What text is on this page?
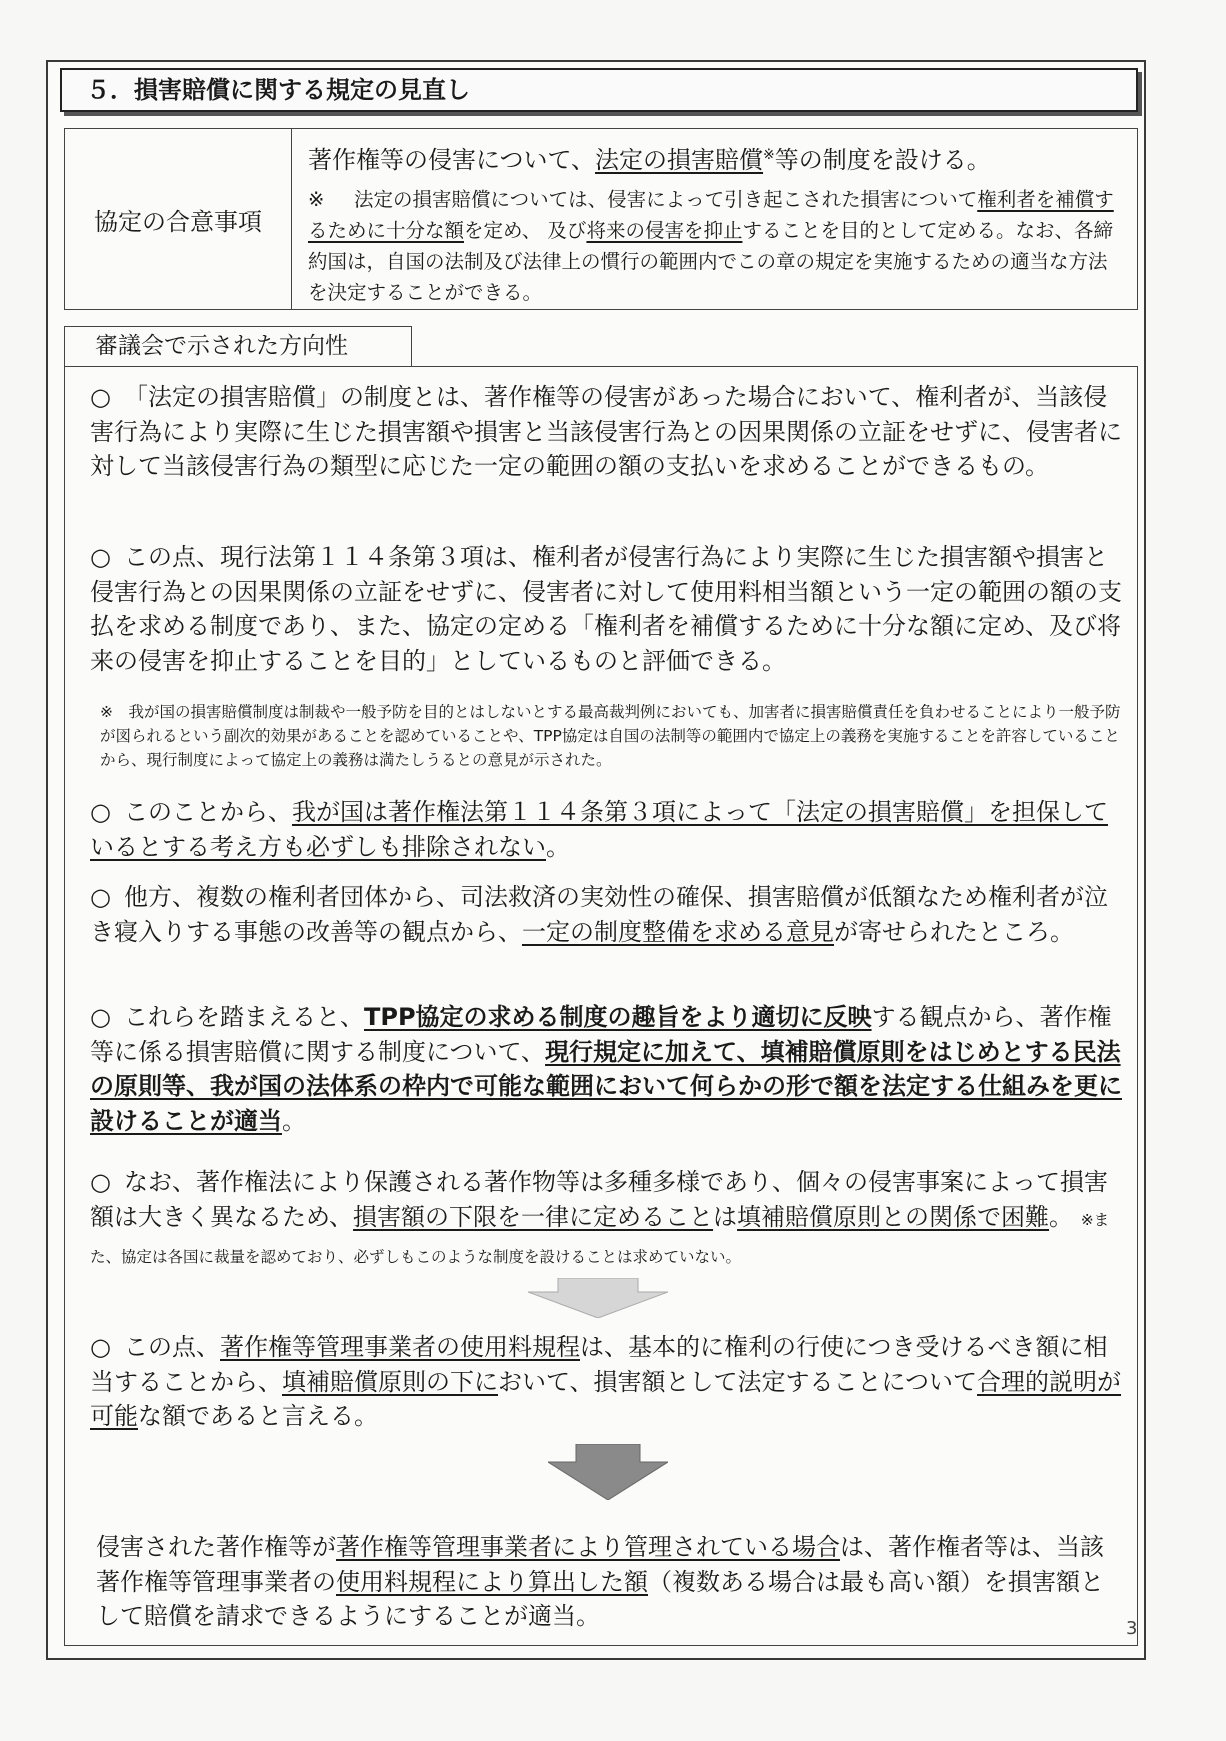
５．損害賠償に関する規定の見直し
協定の合意事項
著作権等の侵害について、法定の損害賠償※等の制度を設ける。
※ 法定の損害賠償については、侵害によって引き起こされた損害について権利者を補償するために十分な額を定め、 及び将来の侵害を抑止することを目的として定める。なお、各締約国は，自国の法制及び法律上の慣行の範囲内でこの章の規定を実施するための適当な方法を決定することができる。
審議会で示された方向性
○ 「法定の損害賠償」の制度とは、著作権等の侵害があった場合において、権利者が、当該侵害行為により実際に生じた損害額や損害と当該侵害行為との因果関係の立証をせずに、侵害者に対して当該侵害行為の類型に応じた一定の範囲の額の支払いを求めることができるもの。
○ この点、現行法第１１４条第３項は、権利者が侵害行為により実際に生じた損害額や損害と侵害行為との因果関係の立証をせずに、侵害者に対して使用料相当額という一定の範囲の額の支払を求める制度であり、また、協定の定める「権利者を補償するために十分な額に定め、及び将来の侵害を抑止することを目的」としているものと評価できる。
※　我が国の損害賠償制度は制裁や一般予防を目的とはしないとする最高裁判例においても、加害者に損害賠償責任を負わせることにより一般予防が図られるという副次的効果があることを認めていることや、TPP協定は自国の法制等の範囲内で協定上の義務を実施することを許容していることから、現行制度によって協定上の義務は満たしうるとの意見が示された。
○ このことから、我が国は著作権法第１１４条第３項によって「法定の損害賠償」を担保しているとする考え方も必ずしも排除されない。
○ 他方、複数の権利者団体から、司法救済の実効性の確保、損害賠償が低額なため権利者が泣き寝入りする事態の改善等の観点から、一定の制度整備を求める意見が寄せられたところ。
○ これらを踏まえると、TPP協定の求める制度の趣旨をより適切に反映する観点から、著作権等に係る損害賠償に関する制度について、現行規定に加えて、填補賠償原則をはじめとする民法の原則等、我が国の法体系の枠内で可能な範囲において何らかの形で額を法定する仕組みを更に設けることが適当。
○ なお、著作権法により保護される著作物等は多種多様であり、個々の侵害事案によって損害額は大きく異なるため、損害額の下限を一律に定めることは填補賠償原則との関係で困難。 ※また、協定は各国に裁量を認めており、必ずしもこのような制度を設けることは求めていない。
○ この点、著作権等管理事業者の使用料規程は、基本的に権利の行使につき受けるべき額に相当することから、填補賠償原則の下において、損害額として法定することについて合理的説明が可能な額であると言える。
侵害された著作権等が著作権等管理事業者により管理されている場合は、著作権者等は、当該著作権等管理事業者の使用料規程により算出した額（複数ある場合は最も高い額）を損害額として賠償を請求できるようにすることが適当。	3
